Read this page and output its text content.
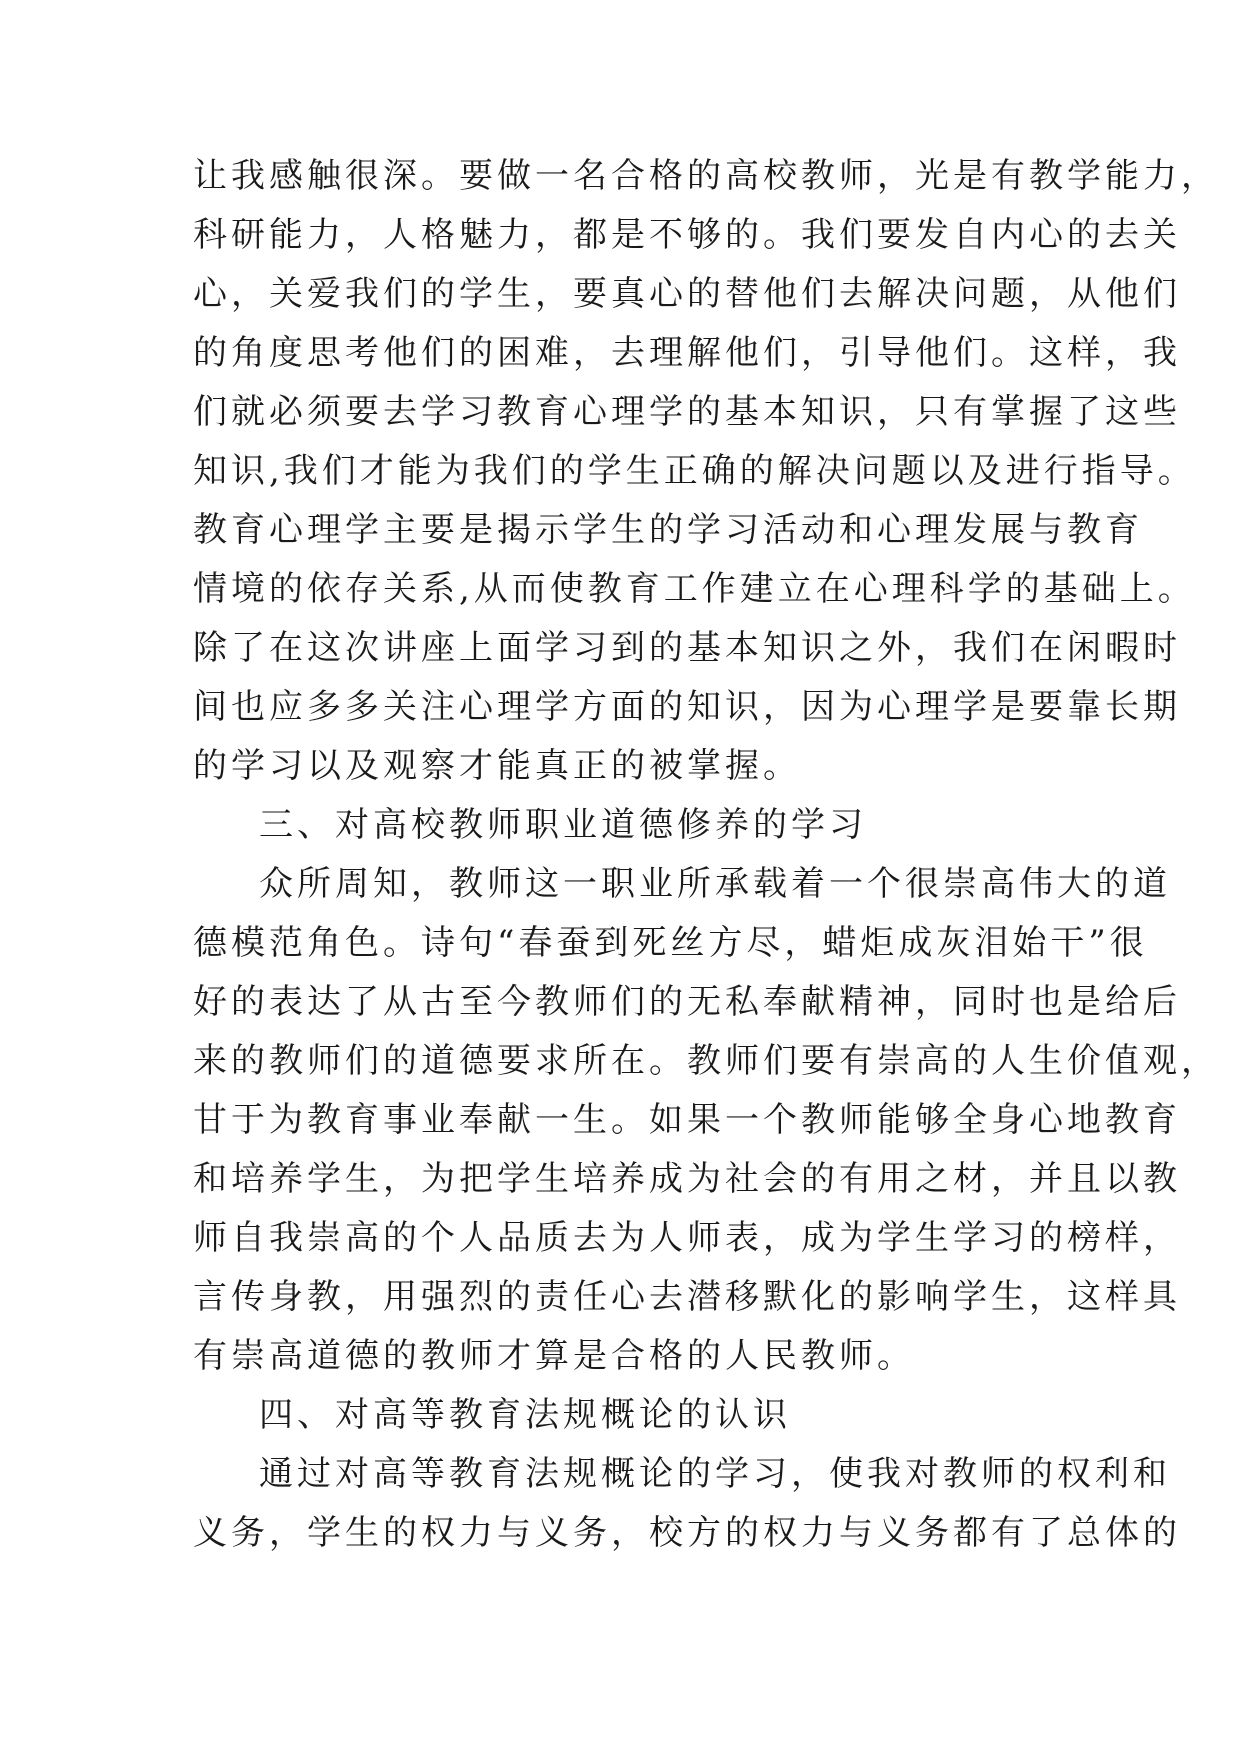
让我感触很深。要做一名合格的高校教师，光是有教学能力，
科研能力，人格魅力，都是不够的。我们要发自内心的去关
心，关爱我们的学生，要真心的替他们去解决问题，从他们
的角度思考他们的困难，去理解他们，引导他们。这样，我
们就必须要去学习教育心理学的基本知识，只有掌握了这些
知识,我们才能为我们的学生正确的解决问题以及进行指导。
教育心理学主要是揭示学生的学习活动和心理发展与教育
情境的依存关系,从而使教育工作建立在心理科学的基础上。
除了在这次讲座上面学习到的基本知识之外，我们在闲暇时
间也应多多关注心理学方面的知识，因为心理学是要靠长期
的学习以及观察才能真正的被掌握。
三、对高校教师职业道德修养的学习
众所周知，教师这一职业所承载着一个很崇高伟大的道
德模范角色。诗句“春蚕到死丝方尽，蜡炬成灰泪始干”很
好的表达了从古至今教师们的无私奉献精神，同时也是给后
来的教师们的道德要求所在。教师们要有崇高的人生价值观，
甘于为教育事业奉献一生。如果一个教师能够全身心地教育
和培养学生，为把学生培养成为社会的有用之材，并且以教
师自我崇高的个人品质去为人师表，成为学生学习的榜样，
言传身教，用强烈的责任心去潜移默化的影响学生，这样具
有崇高道德的教师才算是合格的人民教师。
四、对高等教育法规概论的认识
通过对高等教育法规概论的学习，使我对教师的权利和
义务，学生的权力与义务，校方的权力与义务都有了总体的
